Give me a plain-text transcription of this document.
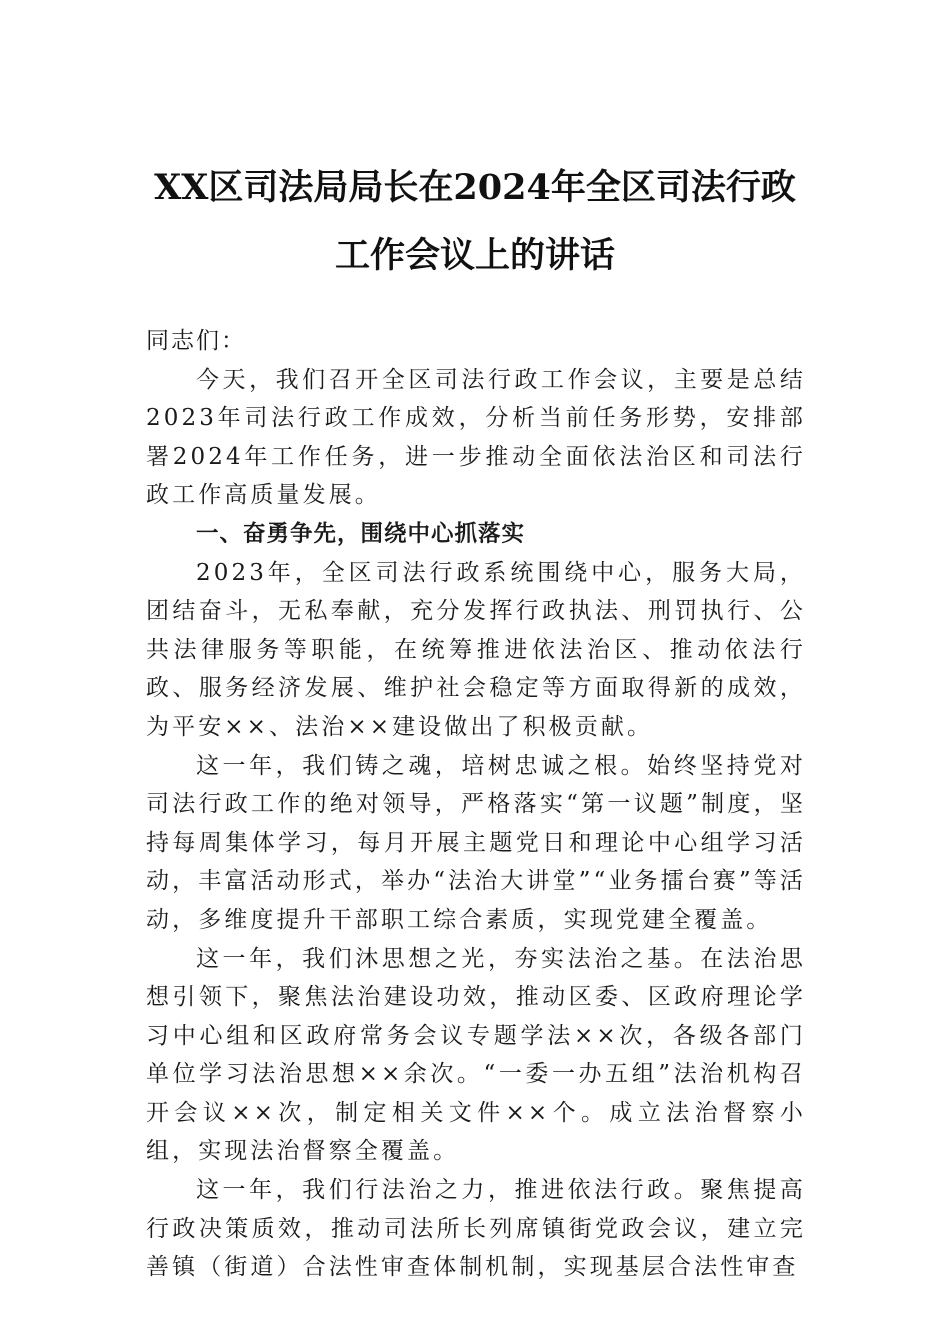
XX区司法局局长在2024年全区司法行政
工作会议上的讲话

同志们：

今天，我们召开全区司法行政工作会议，主要是总结2023年司法行政工作成效，分析当前任务形势，安排部署2024年工作任务，进一步推动全面依法治区和司法行政工作高质量发展。

一、奋勇争先，围绕中心抓落实

2023年，全区司法行政系统围绕中心，服务大局，团结奋斗，无私奉献，充分发挥行政执法、刑罚执行、公共法律服务等职能，在统筹推进依法治区、推动依法行政、服务经济发展、维护社会稳定等方面取得新的成效，为平安××、法治××建设做出了积极贡献。

这一年，我们铸之魂，培树忠诚之根。始终坚持党对司法行政工作的绝对领导，严格落实“第一议题”制度，坚持每周集体学习，每月开展主题党日和理论中心组学习活动，丰富活动形式，举办“法治大讲堂”“业务擂台赛”等活动，多维度提升干部职工综合素质，实现党建全覆盖。

这一年，我们沐思想之光，夯实法治之基。在法治思想引领下，聚焦法治建设功效，推动区委、区政府理论学习中心组和区政府常务会议专题学法××次，各级各部门单位学习法治思想××余次。“一委一办五组”法治机构召开会议××次，制定相关文件××个。成立法治督察小组，实现法治督察全覆盖。

这一年，我们行法治之力，推进依法行政。聚焦提高行政决策质效，推动司法所长列席镇街党政会议，建立完善镇（街道）合法性审查体制机制，实现基层合法性审查
